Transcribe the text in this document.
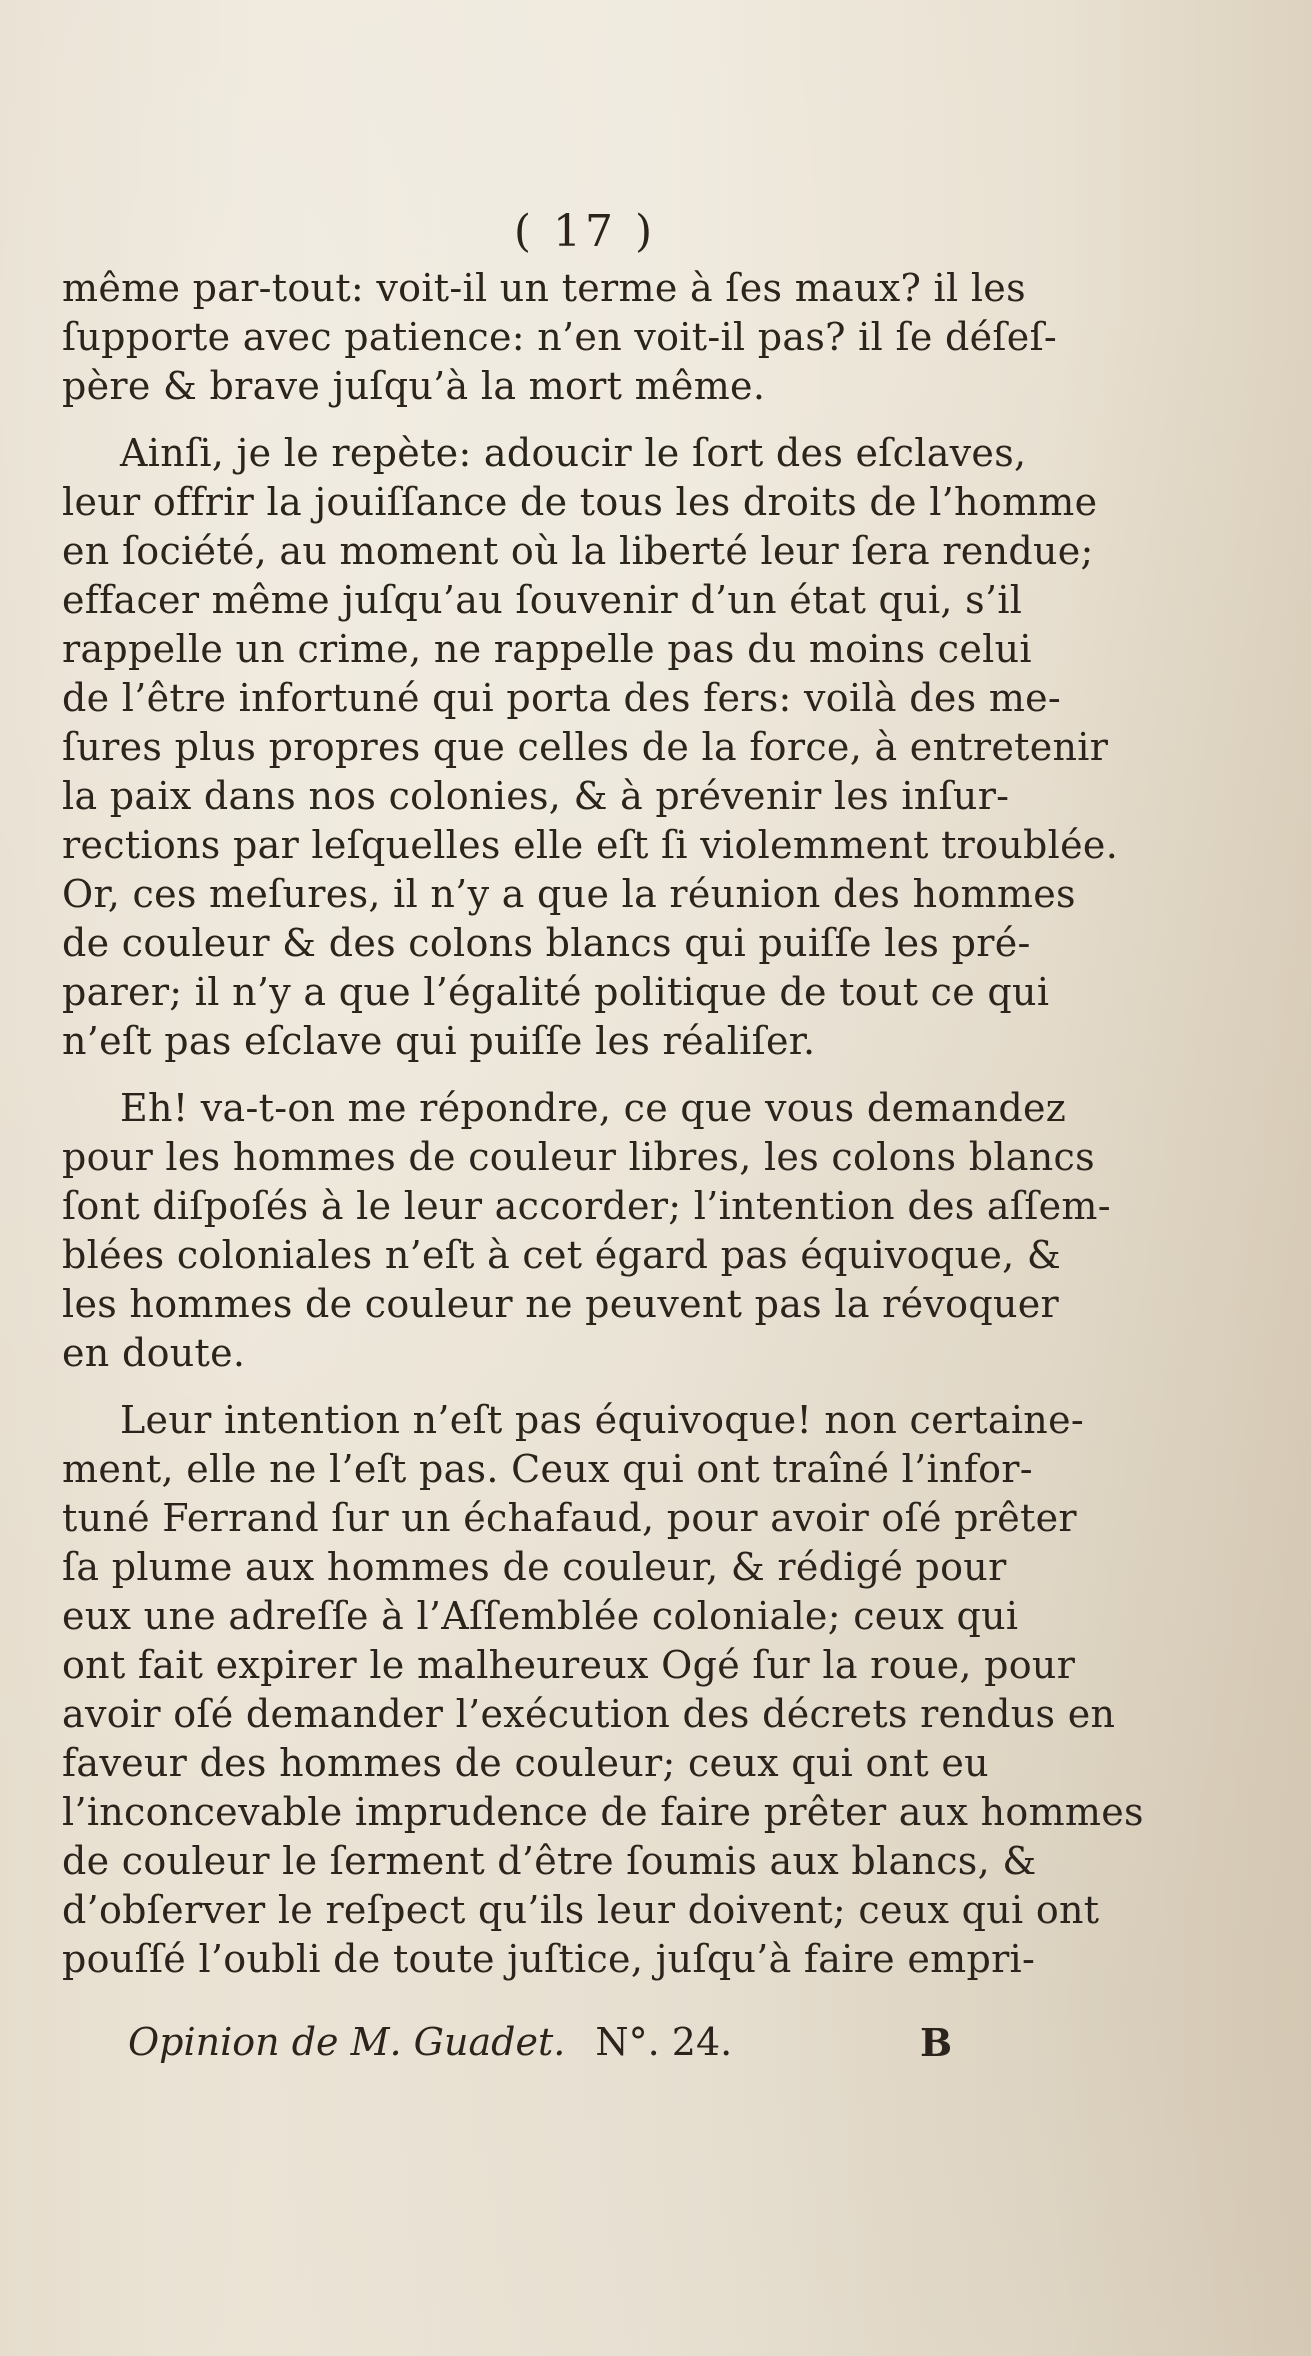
( 17 )
même par-tout: voit-il un terme à ſes maux? il les
ſupporte avec patience: n’en voit-il pas? il ſe déſeſ-
père & brave juſqu’à la mort même.
Ainſi, je le repète: adoucir le ſort des eſclaves,
leur offrir la jouiſſance de tous les droits de l’homme
en ſociété, au moment où la liberté leur ſera rendue;
effacer même juſqu’au ſouvenir d’un état qui, s’il
rappelle un crime, ne rappelle pas du moins celui
de l’être infortuné qui porta des fers: voilà des me-
ſures plus propres que celles de la force, à entretenir
la paix dans nos colonies, & à prévenir les inſur-
rections par leſquelles elle eſt ſi violemment troublée.
Or, ces meſures, il n’y a que la réunion des hommes
de couleur & des colons blancs qui puiſſe les pré-
parer; il n’y a que l’égalité politique de tout ce qui
n’eſt pas eſclave qui puiſſe les réaliſer.
Eh! va-t-on me répondre, ce que vous demandez
pour les hommes de couleur libres, les colons blancs
ſont diſpoſés à le leur accorder; l’intention des aſſem-
blées coloniales n’eſt à cet égard pas équivoque, &
les hommes de couleur ne peuvent pas la révoquer
en doute.
Leur intention n’eſt pas équivoque! non certaine-
ment, elle ne l’eſt pas. Ceux qui ont traîné l’infor-
tuné Ferrand ſur un échafaud, pour avoir oſé prêter
ſa plume aux hommes de couleur, & rédigé pour
eux une adreſſe à l’Aſſemblée coloniale; ceux qui
ont fait expirer le malheureux Ogé ſur la roue, pour
avoir oſé demander l’exécution des décrets rendus en
faveur des hommes de couleur; ceux qui ont eu
l’inconcevable imprudence de faire prêter aux hommes
de couleur le ſerment d’être ſoumis aux blancs, &
d’obſerver le reſpect qu’ils leur doivent; ceux qui ont
pouſſé l’oubli de toute juſtice, juſqu’à faire empri-
Opinion de M. Guadet. N°. 24.	B
